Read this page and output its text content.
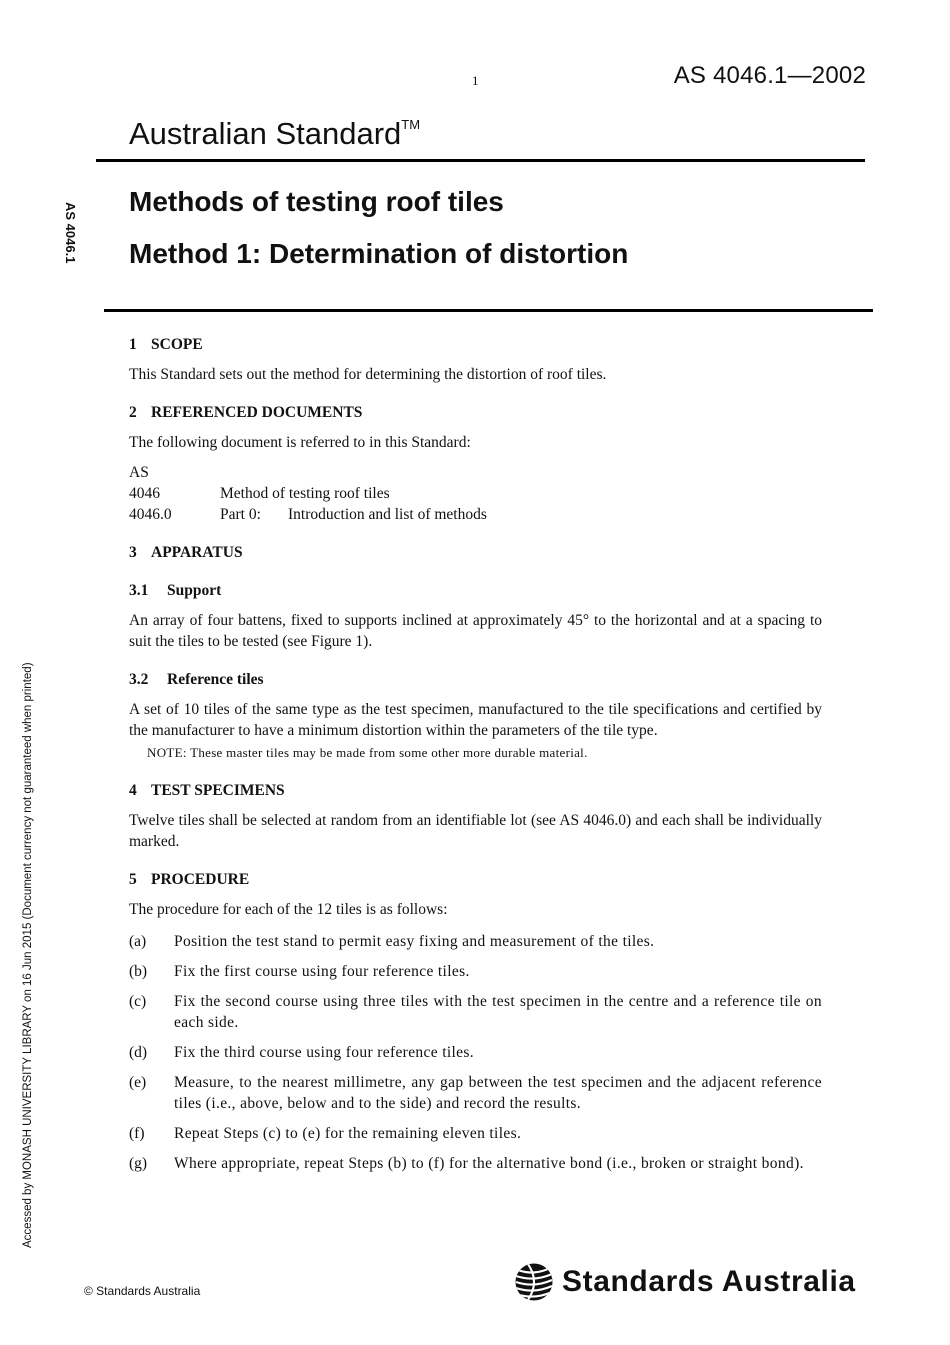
1	AS 4046.1—2002
Australian Standard™
AS 4046.1
Methods of testing roof tiles
Method 1: Determination of distortion
Accessed by MONASH UNIVERSITY LIBRARY on 16 Jun 2015 (Document currency not guaranteed when printed)

1 SCOPE

This Standard sets out the method for determining the distortion of roof tiles.

2 REFERENCED DOCUMENTS

The following document is referred to in this Standard:

AS

4046	Method of testing roof tiles
4046.0	Part 0:	Introduction and list of methods

3 APPARATUS

3.1 Support

An array of four battens, fixed to supports inclined at approximately 45° to the horizontal and at a spacing to suit the tiles to be tested (see Figure 1).

3.2 Reference tiles

A set of 10 tiles of the same type as the test specimen, manufactured to the tile specifications and certified by the manufacturer to have a minimum distortion within the parameters of the tile type.

NOTE: These master tiles may be made from some other more durable material.

4 TEST SPECIMENS

Twelve tiles shall be selected at random from an identifiable lot (see AS 4046.0) and each shall be individually marked.

5 PROCEDURE

The procedure for each of the 12 tiles is as follows:

(a)	Position the test stand to permit easy fixing and measurement of the tiles.
(b)	Fix the first course using four reference tiles.
(c)	Fix the second course using three tiles with the test specimen in the centre and a reference tile on each side.
(d)	Fix the third course using four reference tiles.
(e)	Measure, to the nearest millimetre, any gap between the test specimen and the adjacent reference tiles (i.e., above, below and to the side) and record the results.
(f)	Repeat Steps (c) to (e) for the remaining eleven tiles.
(g)	Where appropriate, repeat Steps (b) to (f) for the alternative bond (i.e., broken or straight bond).
© Standards Australia	Standards Australia
